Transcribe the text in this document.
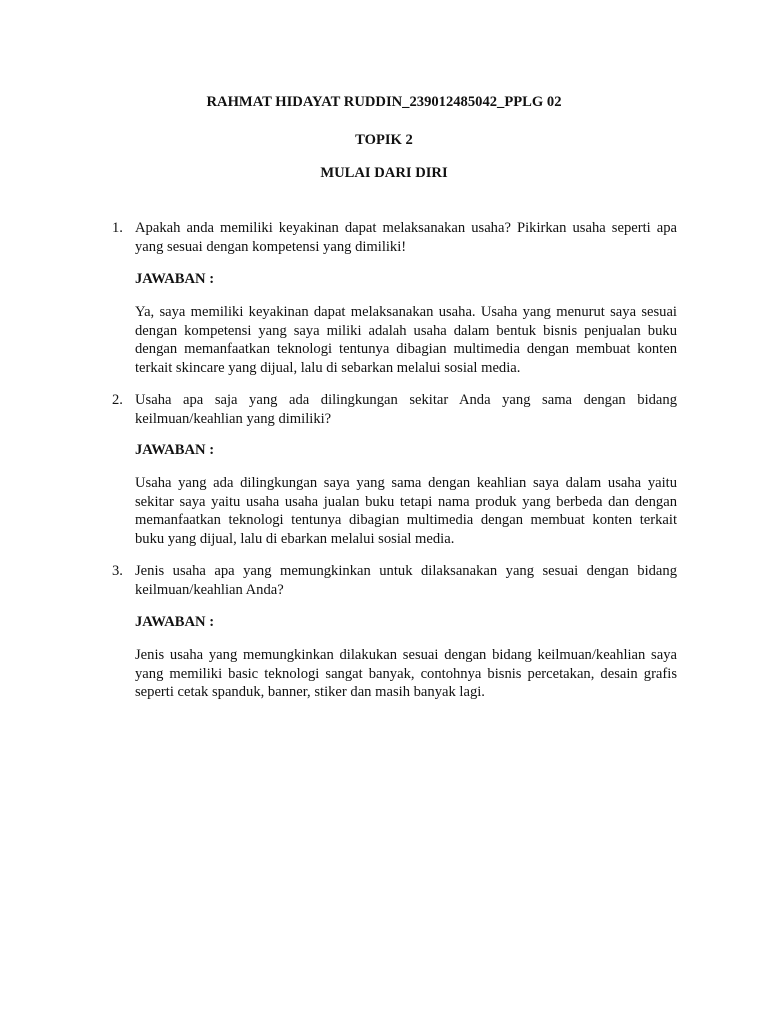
RAHMAT HIDAYAT RUDDIN_239012485042_PPLG 02
TOPIK 2
MULAI DARI DIRI
1. Apakah anda memiliki keyakinan dapat melaksanakan usaha? Pikirkan usaha seperti apa yang sesuai dengan kompetensi yang dimiliki!
JAWABAN :
Ya, saya memiliki keyakinan dapat melaksanakan usaha. Usaha yang menurut saya sesuai dengan kompetensi yang saya miliki adalah usaha dalam bentuk bisnis penjualan buku dengan memanfaatkan teknologi tentunya dibagian multimedia dengan membuat konten terkait skincare yang dijual, lalu di sebarkan melalui sosial media.
2. Usaha apa saja yang ada dilingkungan sekitar Anda yang sama dengan bidang keilmuan/keahlian yang dimiliki?
JAWABAN :
Usaha yang ada dilingkungan saya yang sama dengan keahlian saya dalam usaha yaitu sekitar saya yaitu usaha usaha jualan buku tetapi nama produk yang berbeda dan dengan memanfaatkan teknologi tentunya dibagian multimedia dengan membuat konten terkait buku yang dijual, lalu di ebarkan melalui sosial media.
3. Jenis usaha apa yang memungkinkan untuk dilaksanakan yang sesuai dengan bidang keilmuan/keahlian Anda?
JAWABAN :
Jenis usaha yang memungkinkan dilakukan sesuai dengan bidang keilmuan/keahlian saya yang memiliki basic teknologi sangat banyak, contohnya bisnis percetakan, desain grafis seperti cetak spanduk, banner, stiker dan masih banyak lagi.
